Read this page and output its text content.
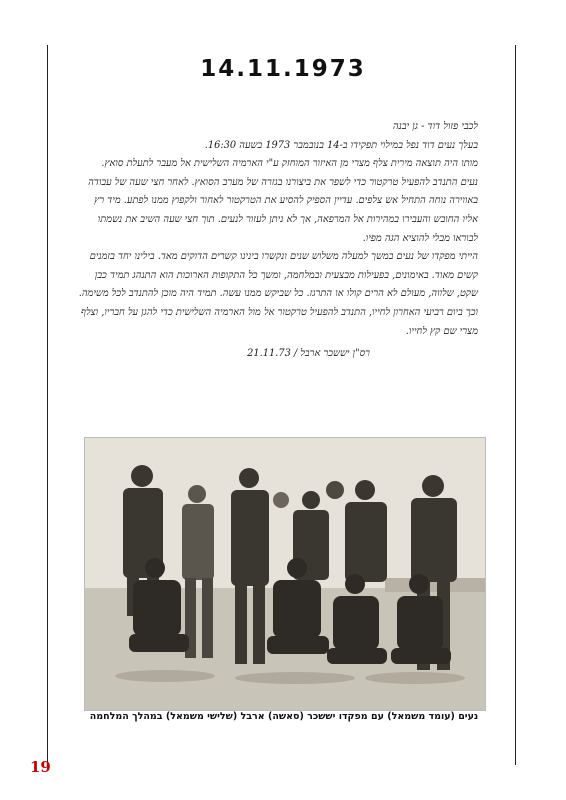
14.11.1973

לכבי פזול דוד - גן יבנה

בעלך נעים דוד נפל במילוי תפקידו ב-14 בנובמבר 1973 בשעה 16:30.

מותו היה תוצאה מירית צלף מצרי מן האיזור המוחזק ע"י הארמיה השלישית אל מעבר לתעלת סואץ.

נעים התנדב להפעיל טרקטור כדי לשפר את ביצורנו בגזרה של מערב הסואץ. לאחר חצי שעה של עבודה באווירה נוחה התחיל אש צלפים. עדיין הספיק להסיע את הטרקטור לאחור ולקפוץ ממנו לפתע. מיד רץ אליו החובש והעבירו במהירות אל המרפאה, אך לא ניתן לעזור לנעים. תוך חצי שעה השיב את נשמתו לבוראו מבלי להוציא הגה מפיו.

הייתי מפקדו של נעים במשך למעלה משלוש שנים ונקשרו בינינו קשרים הדוקים מאד. בילינו יחד בזמנים קשים מאוד. באימונים, בפעילות מבצעית ובמלחמה, ומשך כל התקופות הארוכות הוא התנהג תמיד כבן שקט, שלווה, מעולם לא הרים קולו או התרגז. כל שביקש ממנו עשה. תמיד היה מוכן להתנדב לכל משימה.

וכך ביום רביעי האחרון לחייו, התנדב להפעיל טרקטור אל מול הארמיה השלישית כדי להגן על חבריו, וצלף מצרי שם קץ לחייו.

רס"ן יששכר ארבל / 21.11.73

נעים (עומד משמאל) עם מפקדו יששכר (סאשה) ארבל (שלישי משמאל) במהלך המלחמה
19
